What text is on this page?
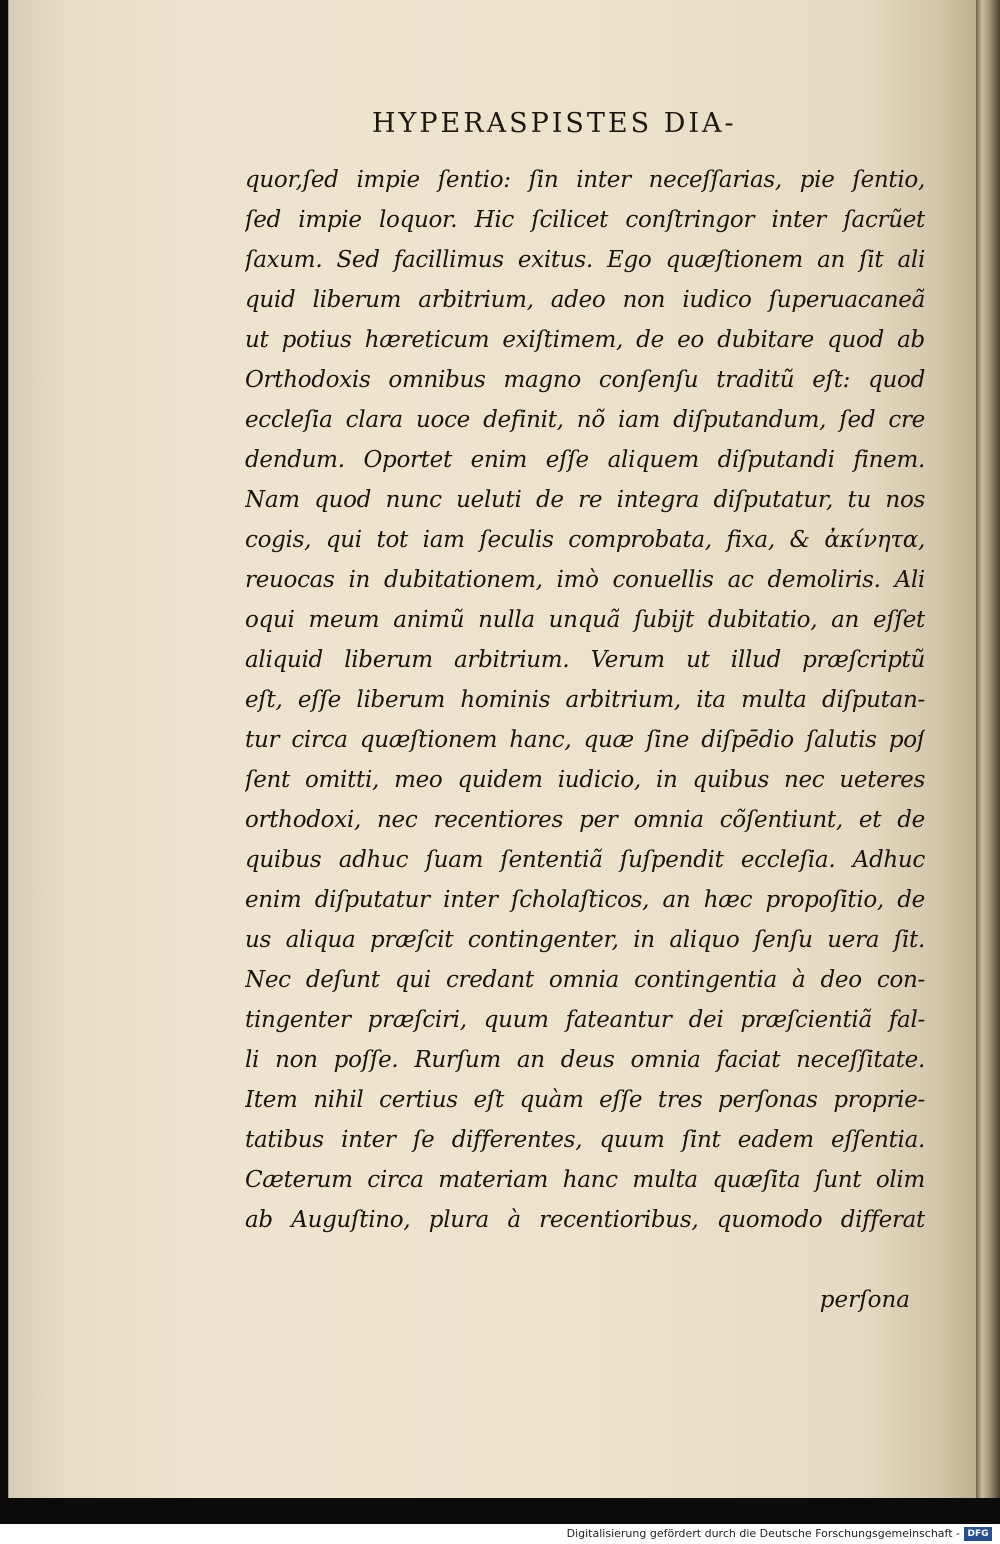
HYPERASPISTES DIA-
quor,ſed impie ſentio: ſin inter neceſſarias, pie ſentio,
ſed impie loquor. Hic ſcilicet conſtringor inter ſacrũet
ſaxum. Sed facillimus exitus. Ego quæſtionem an ſit ali
quid liberum arbitrium, adeo non iudico ſuperuacaneã
ut potius hæreticum exiſtimem, de eo dubitare quod ab
Orthodoxis omnibus magno conſenſu traditũ eſt: quod
eccleſia clara uoce definit, nõ iam diſputandum, ſed cre
dendum. Oportet enim eſſe aliquem diſputandi finem.
Nam quod nunc ueluti de re integra diſputatur, tu nos
cogis, qui tot iam ſeculis comprobata, fixa, & ἀκίνητα,
reuocas in dubitationem, imò conuellis ac demoliris. Ali
oqui meum animũ nulla unquã ſubijt dubitatio, an eſſet
aliquid liberum arbitrium. Verum ut illud præſcriptũ
eſt, eſſe liberum hominis arbitrium, ita multa diſputan-
tur circa quæſtionem hanc, quæ ſine diſpēdio ſalutis poſ
ſent omitti, meo quidem iudicio, in quibus nec ueteres
orthodoxi, nec recentiores per omnia cõſentiunt, et de
quibus adhuc ſuam ſententiã ſuſpendit eccleſia. Adhuc
enim diſputatur inter ſcholaſticos, an hæc propoſitio, de
us aliqua præſcit contingenter, in aliquo ſenſu uera ſit.
Nec deſunt qui credant omnia contingentia à deo con-
tingenter præſciri, quum fateantur dei præſcientiã fal-
li non poſſe. Rurſum an deus omnia faciat neceſſitate.
Item nihil certius eſt quàm eſſe tres perſonas proprie-
tatibus inter ſe differentes, quum ſint eadem eſſentia.
Cæterum circa materiam hanc multa quæſita ſunt olim
ab Auguſtino, plura à recentioribus, quomodo differat
perſona
Digitalisierung gefördert durch die Deutsche Forschungsgemeinschaft - DFG
